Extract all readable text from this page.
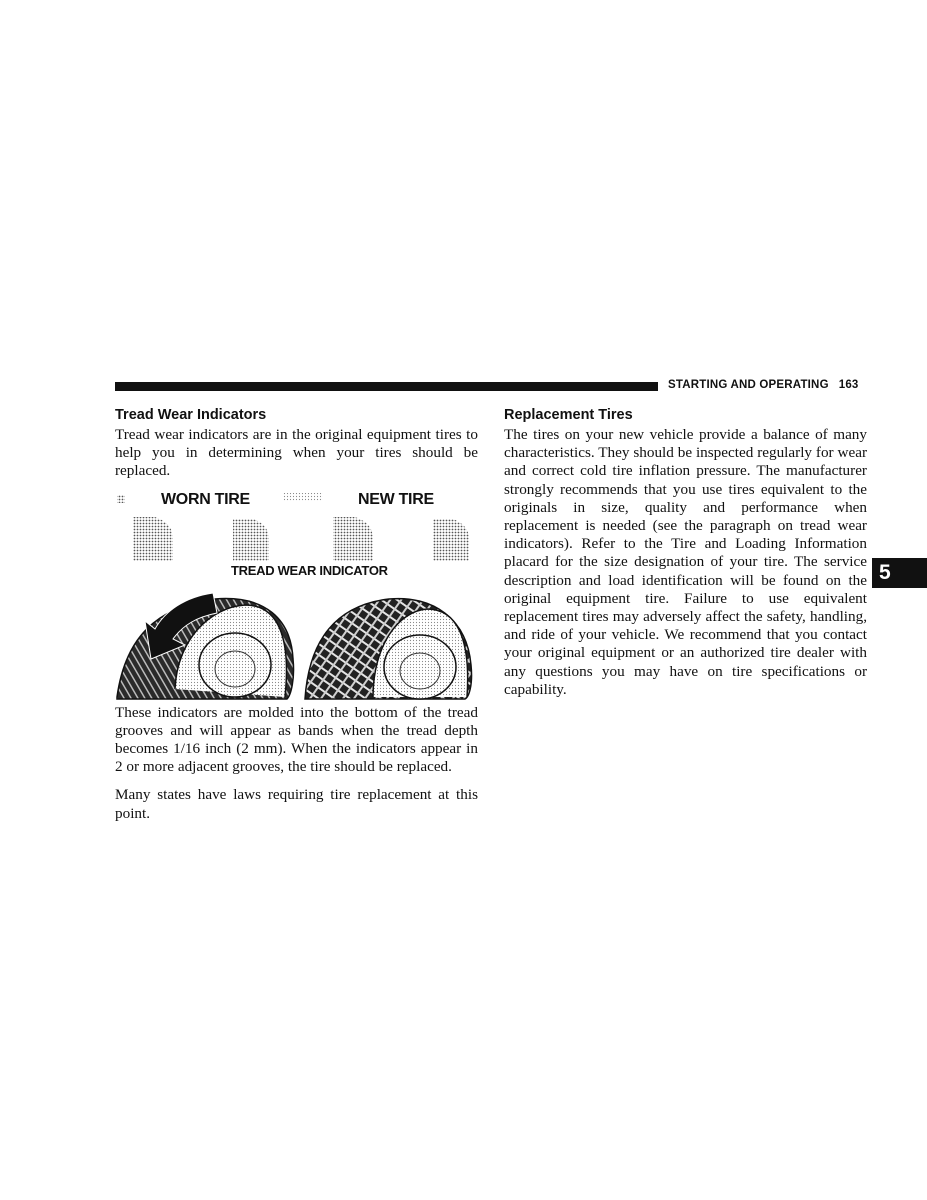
STARTING AND OPERATING 163
Tread Wear Indicators

Tread wear indicators are in the original equipment tires to help you in determining when your tires should be replaced.

WORN TIRE	NEW TIRE
TREAD WEAR INDICATOR

These indicators are molded into the bottom of the tread grooves and will appear as bands when the tread depth becomes 1/16 inch (2 mm). When the indicators appear in 2 or more adjacent grooves, the tire should be replaced.

Many states have laws requiring tire replacement at this point.

Replacement Tires

The tires on your new vehicle provide a balance of many characteristics. They should be inspected regularly for wear and correct cold tire inflation pressure. The manufacturer strongly recommends that you use tires equivalent to the originals in size, quality and performance when replacement is needed (see the paragraph on tread wear indicators). Refer to the Tire and Loading Information placard for the size designation of your tire. The service description and load identification will be found on the original equipment tire. Failure to use equivalent replacement tires may adversely affect the safety, handling, and ride of your vehicle. We recommend that you contact your original equipment or an authorized tire dealer with any questions you may have on tire specifications or capability.

5
